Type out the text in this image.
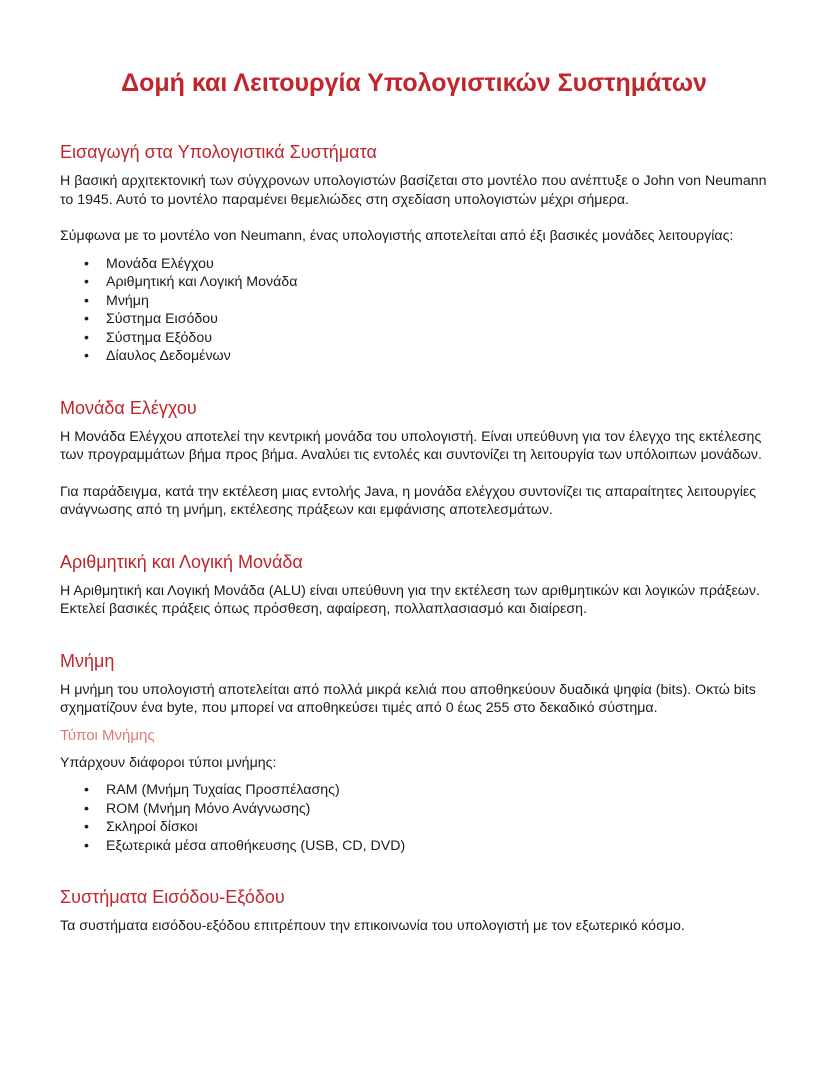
Δομή και Λειτουργία Υπολογιστικών Συστημάτων
Εισαγωγή στα Υπολογιστικά Συστήματα

Η βασική αρχιτεκτονική των σύγχρονων υπολογιστών βασίζεται στο μοντέλο που ανέπτυξε ο John von Neumann το 1945. Αυτό το μοντέλο παραμένει θεμελιώδες στη σχεδίαση υπολογιστών μέχρι σήμερα.

Σύμφωνα με το μοντέλο von Neumann, ένας υπολογιστής αποτελείται από έξι βασικές μονάδες λειτουργίας:

• Μονάδα Ελέγχου
• Αριθμητική και Λογική Μονάδα
• Μνήμη
• Σύστημα Εισόδου
• Σύστημα Εξόδου
• Δίαυλος Δεδομένων
Μονάδα Ελέγχου

Η Μονάδα Ελέγχου αποτελεί την κεντρική μονάδα του υπολογιστή. Είναι υπεύθυνη για τον έλεγχο της εκτέλεσης των προγραμμάτων βήμα προς βήμα. Αναλύει τις εντολές και συντονίζει τη λειτουργία των υπόλοιπων μονάδων.

Για παράδειγμα, κατά την εκτέλεση μιας εντολής Java, η μονάδα ελέγχου συντονίζει τις απαραίτητες λειτουργίες ανάγνωσης από τη μνήμη, εκτέλεσης πράξεων και εμφάνισης αποτελεσμάτων.

Αριθμητική και Λογική Μονάδα

Η Αριθμητική και Λογική Μονάδα (ALU) είναι υπεύθυνη για την εκτέλεση των αριθμητικών και λογικών πράξεων. Εκτελεί βασικές πράξεις όπως πρόσθεση, αφαίρεση, πολλαπλασιασμό και διαίρεση.

Μνήμη

Η μνήμη του υπολογιστή αποτελείται από πολλά μικρά κελιά που αποθηκεύουν δυαδικά ψηφία (bits). Οκτώ bits σχηματίζουν ένα byte, που μπορεί να αποθηκεύσει τιμές από 0 έως 255 στο δεκαδικό σύστημα.

Τύποι Μνήμης

Υπάρχουν διάφοροι τύποι μνήμης:

• RAM (Μνήμη Τυχαίας Προσπέλασης)
• ROM (Μνήμη Μόνο Ανάγνωσης)
• Σκληροί δίσκοι
• Εξωτερικά μέσα αποθήκευσης (USB, CD, DVD)
Συστήματα Εισόδου-Εξόδου

Τα συστήματα εισόδου-εξόδου επιτρέπουν την επικοινωνία του υπολογιστή με τον εξωτερικό κόσμο.
